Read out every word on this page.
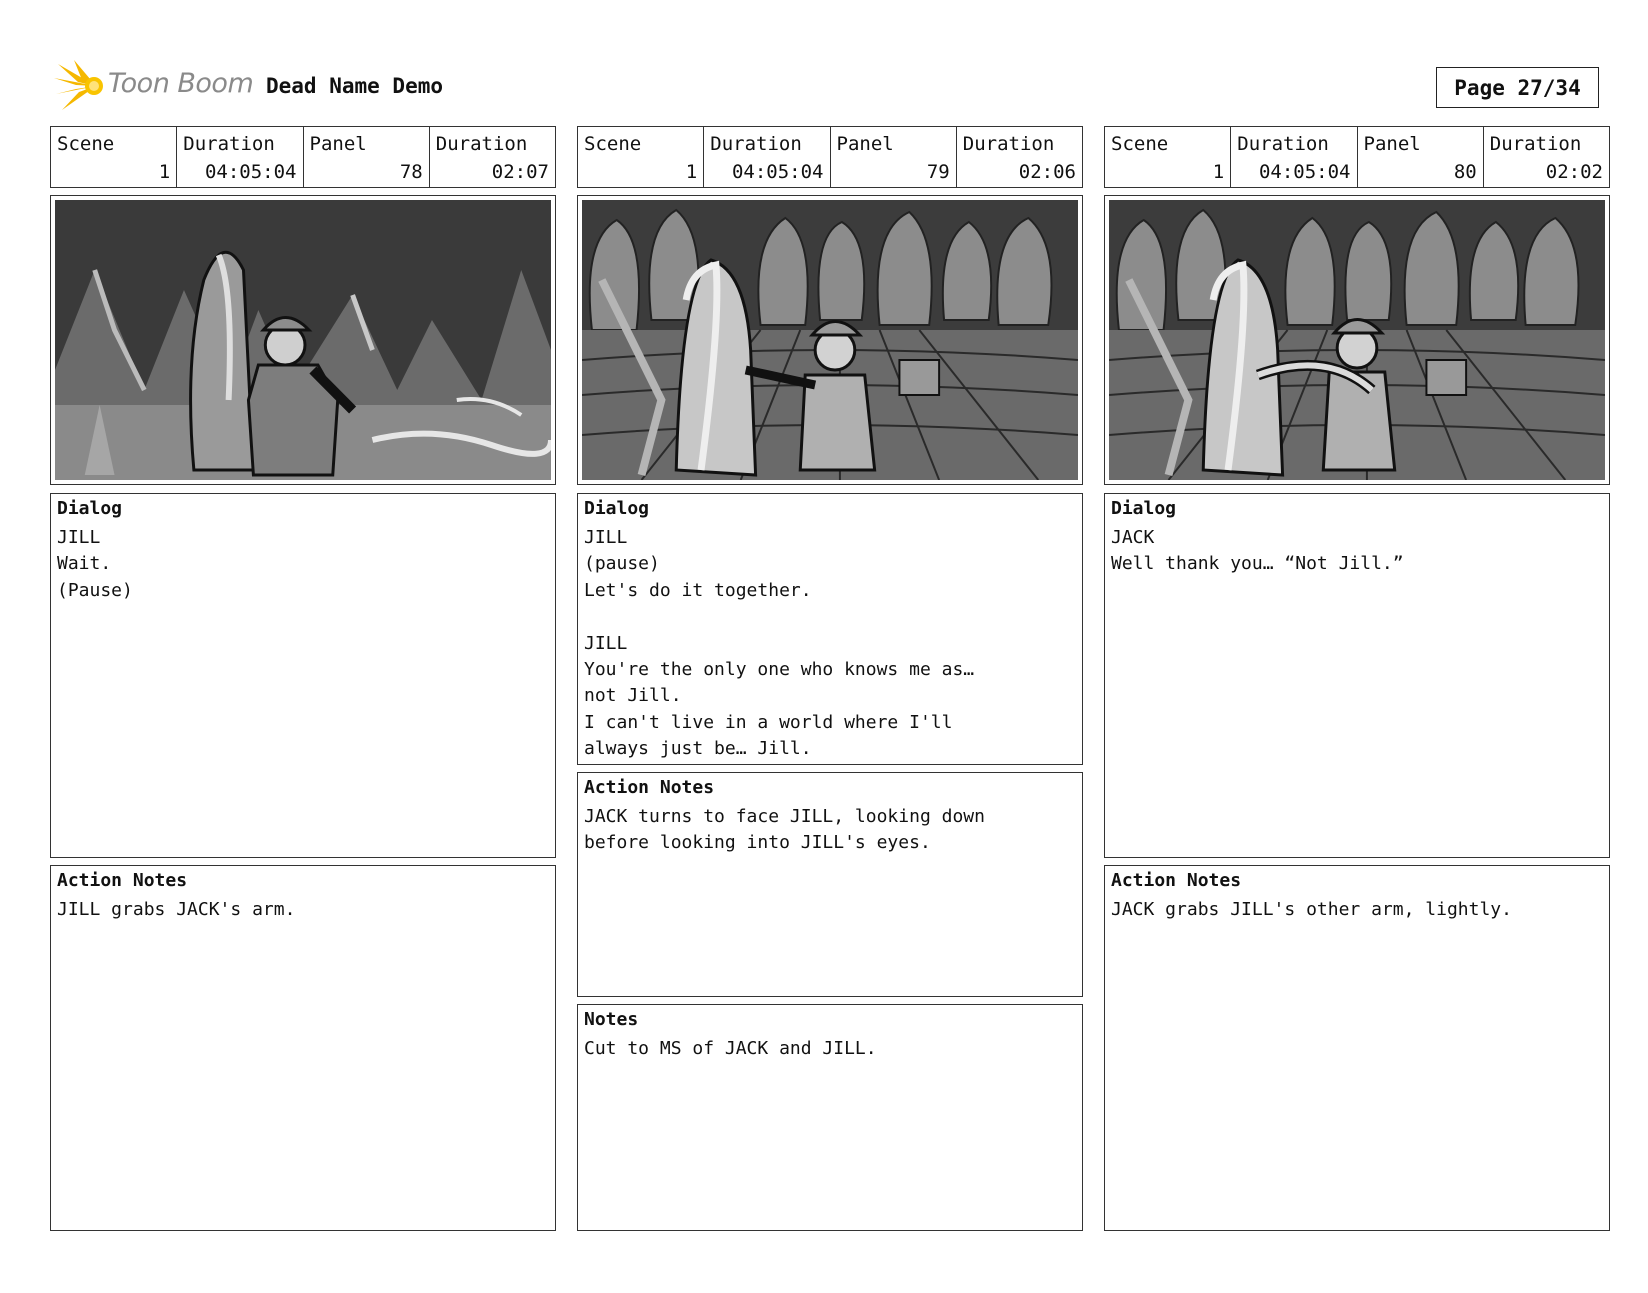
Toon Boom Dead Name Demo	Page 27/34
Scene
1
Duration
04:05:04
Panel
78
Duration
02:07
Dialog
JILL
Wait.
(Pause)
Action Notes
JILL grabs JACK's arm.
Scene
1
Duration
04:05:04
Panel
79
Duration
02:06
Dialog
JILL
(pause)
Let's do it together.
JILL
You're the only one who knows me as…
not Jill.
I can't live in a world where I'll
always just be… Jill.
Action Notes
JACK turns to face JILL, looking down
before looking into JILL's eyes.
Notes
Cut to MS of JACK and JILL.
Scene
1
Duration
04:05:04
Panel
80
Duration
02:02
Dialog
JACK
Well thank you… “Not Jill.”
Action Notes
JACK grabs JILL's other arm, lightly.
